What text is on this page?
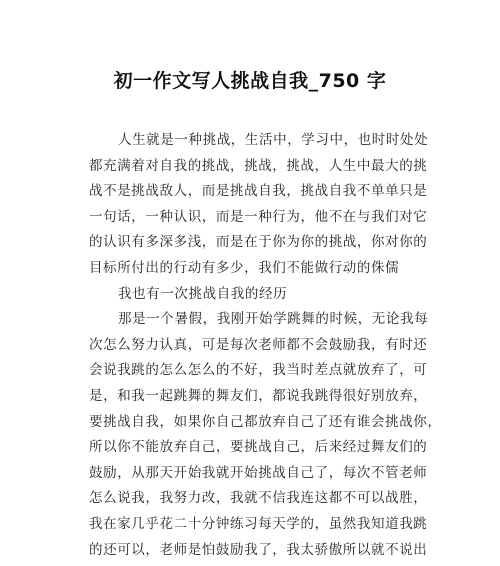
初一作文写人挑战自我_750 字
人生就是一种挑战，生活中，学习中，也时时处处
都充满着对自我的挑战，挑战，挑战，人生中最大的挑
战不是挑战敌人，而是挑战自我，挑战自我不单单只是
一句话，一种认识，而是一种行为，他不在与我们对它
的认识有多深多浅，而是在于你为你的挑战，你对你的
目标所付出的行动有多少，我们不能做行动的侏儒
我也有一次挑战自我的经历
那是一个暑假，我刚开始学跳舞的时候，无论我每
次怎么努力认真，可是每次老师都不会鼓励我，有时还
会说我跳的怎么怎么的不好，我当时差点就放弃了，可
是，和我一起跳舞的舞友们，都说我跳得很好别放弃，
要挑战自我，如果你自己都放弃自己了还有谁会挑战你，
所以你不能放弃自己，要挑战自己，后来经过舞友们的
鼓励，从那天开始我就开始挑战自己了，每次不管老师
怎么说我，我努力改，我就不信我连这都不可以战胜，
我在家几乎花二十分钟练习每天学的，虽然我知道我跳
的还可以，老师是怕鼓励我了，我太骄傲所以就不说出
